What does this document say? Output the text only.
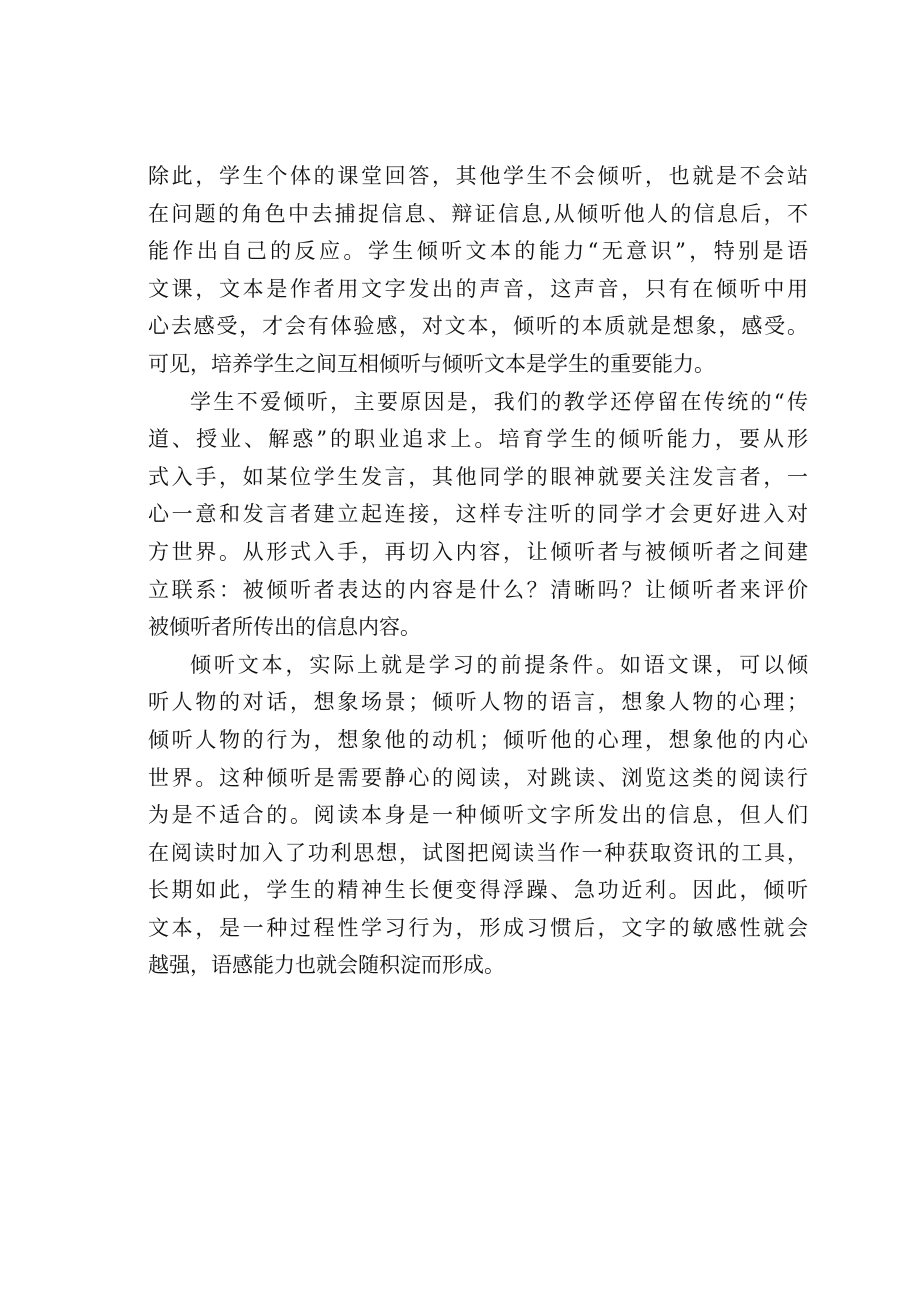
除此，学生个体的课堂回答，其他学生不会倾听，也就是不会站
在问题的角色中去捕捉信息、辩证信息,从倾听他人的信息后，不
能作出自己的反应。学生倾听文本的能力“无意识”，特别是语
文课，文本是作者用文字发出的声音，这声音，只有在倾听中用
心去感受，才会有体验感，对文本，倾听的本质就是想象，感受。
可见，培养学生之间互相倾听与倾听文本是学生的重要能力。
学生不爱倾听，主要原因是，我们的教学还停留在传统的“传
道、授业、解惑”的职业追求上。培育学生的倾听能力，要从形
式入手，如某位学生发言，其他同学的眼神就要关注发言者，一
心一意和发言者建立起连接，这样专注听的同学才会更好进入对
方世界。从形式入手，再切入内容，让倾听者与被倾听者之间建
立联系：被倾听者表达的内容是什么？清晰吗？让倾听者来评价
被倾听者所传出的信息内容。
倾听文本，实际上就是学习的前提条件。如语文课，可以倾
听人物的对话，想象场景；倾听人物的语言，想象人物的心理；
倾听人物的行为，想象他的动机；倾听他的心理，想象他的内心
世界。这种倾听是需要静心的阅读，对跳读、浏览这类的阅读行
为是不适合的。阅读本身是一种倾听文字所发出的信息，但人们
在阅读时加入了功利思想，试图把阅读当作一种获取资讯的工具，
长期如此，学生的精神生长便变得浮躁、急功近利。因此，倾听
文本，是一种过程性学习行为，形成习惯后，文字的敏感性就会
越强，语感能力也就会随积淀而形成。
